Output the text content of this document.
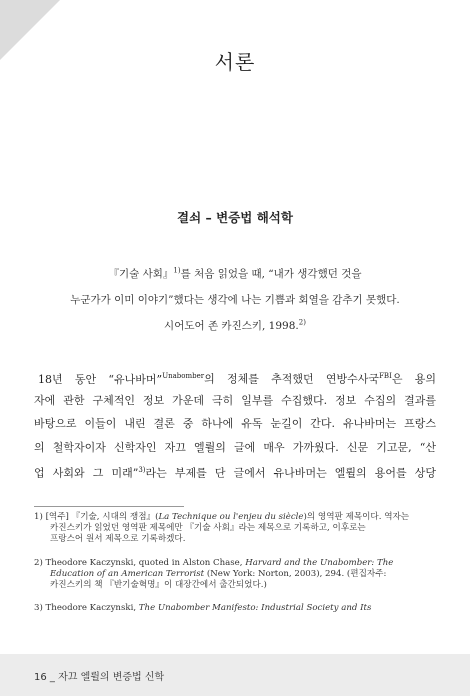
서론
결쇠 – 변증법 해석학
『기술 사회』$^{1)}$를 처음 읽었을 때, “내가 생각했던 것을
누군가가 이미 이야기”했다는 생각에 나는 기쁨과 회열을 감추기 못했다.
시어도어 존 카진스키, 1998.$^{2)}$
18년 동안 “유나바머”$^{Unabomber}$의 정체를 추적했던 연방수사국$^{FBI}$은 용의
자에 관한 구체적인 정보 가운데 극히 일부를 수집했다. 정보 수집의 결과를
바탕으로 이들이 내린 결론 중 하나에 유독 눈길이 간다. 유나바머는 프랑스
의 철학자이자 신학자인 자끄 엘륄의 글에 매우 가까웠다. 신문 기고문, “산
업 사회와 그 미래”$^{3)}$라는 부제를 단 글에서 유나바머는 엘륄의 용어를 상당
1) [역주] 『기술, 시대의 쟁점』(La Technique ou l'enjeu du siècle)의 영역판 제목이다. 역자는
카진스키가 읽었던 영역판 제목에만 『기술 사회』라는 제목으로 기록하고, 이후로는
프랑스어 원서 제목으로 기록하겠다.
2) Theodore Kaczynski, quoted in Alston Chase, Harvard and the Unabomber: The
Education of an American Terrorist (New York: Norton, 2003), 294. (편집자주:
카진스키의 책 『반기술혁명』이 대장간에서 출간되었다.)
3) Theodore Kaczynski, The Unabomber Manifesto: Industrial Society and Its
16 _ 자끄 엘륄의 변증법 신학
